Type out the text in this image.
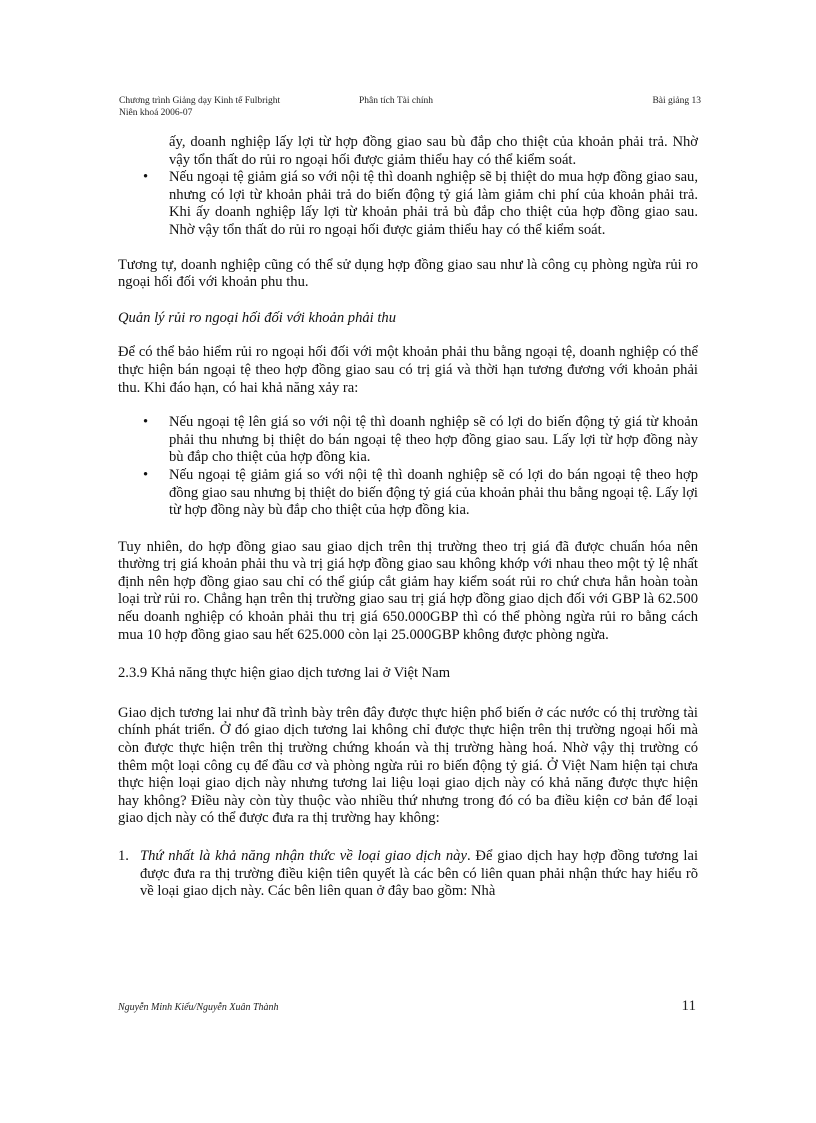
Chương trình Giảng dạy Kinh tế Fulbright
Niên khoá 2006-07
Phân tích Tài chính	Bài giảng 13

ấy, doanh nghiệp lấy lợi từ hợp đồng giao sau bù đắp cho thiệt của khoản phải trả. Nhờ vậy tổn thất do rủi ro ngoại hối được giảm thiểu hay có thể kiểm soát.

• Nếu ngoại tệ giảm giá so với nội tệ thì doanh nghiệp sẽ bị thiệt do mua hợp đồng giao sau, nhưng có lợi từ khoản phải trả do biến động tỷ giá làm giảm chi phí của khoản phải trả. Khi ấy doanh nghiệp lấy lợi từ khoản phải trả bù đắp cho thiệt của hợp đồng giao sau. Nhờ vậy tổn thất do rủi ro ngoại hối được giảm thiểu hay có thể kiểm soát.

Tương tự, doanh nghiệp cũng có thể sử dụng hợp đồng giao sau như là công cụ phòng ngừa rủi ro ngoại hối đối với khoản phu thu.

Quản lý rủi ro ngoại hối đối với khoản phải thu

Để có thể bảo hiểm rủi ro ngoại hối đối với một khoản phải thu bằng ngoại tệ, doanh nghiệp có thể thực hiện bán ngoại tệ theo hợp đồng giao sau có trị giá và thời hạn tương đương với khoản phải thu. Khi đáo hạn, có hai khả năng xảy ra:

• Nếu ngoại tệ lên giá so với nội tệ thì doanh nghiệp sẽ có lợi do biến động tỷ giá từ khoản phải thu nhưng bị thiệt do bán ngoại tệ theo hợp đồng giao sau. Lấy lợi từ hợp đồng này bù đắp cho thiệt của hợp đồng kia.
• Nếu ngoại tệ giảm giá so với nội tệ thì doanh nghiệp sẽ có lợi do bán ngoại tệ theo hợp đồng giao sau nhưng bị thiệt do biến động tỷ giá của khoản phải thu bằng ngoại tệ. Lấy lợi từ hợp đồng này bù đắp cho thiệt của hợp đồng kia.

Tuy nhiên, do hợp đồng giao sau giao dịch trên thị trường theo trị giá đã được chuẩn hóa nên thường trị giá khoản phải thu và trị giá hợp đồng giao sau không khớp với nhau theo một tỷ lệ nhất định nên hợp đồng giao sau chỉ có thể giúp cắt giảm hay kiểm soát rủi ro chứ chưa hẳn hoàn toàn loại trừ rủi ro. Chẳng hạn trên thị trường giao sau trị giá hợp đồng giao dịch đối với GBP là 62.500 nếu doanh nghiệp có khoản phải thu trị giá 650.000GBP thì có thể phòng ngừa rủi ro bằng cách mua 10 hợp đồng giao sau hết 625.000 còn lại 25.000GBP không được phòng ngừa.

2.3.9 Khả năng thực hiện giao dịch tương lai ở Việt Nam

Giao dịch tương lai như đã trình bày trên đây được thực hiện phổ biến ở các nước có thị trường tài chính phát triển. Ở đó giao dịch tương lai không chỉ được thực hiện trên thị trường ngoại hối mà còn được thực hiện trên thị trường chứng khoán và thị trường hàng hoá. Nhờ vậy thị trường có thêm một loại công cụ để đầu cơ và phòng ngừa rủi ro biến động tỷ giá. Ở Việt Nam hiện tại chưa thực hiện loại giao dịch này nhưng tương lai liệu loại giao dịch này có khả năng được thực hiện hay không? Điều này còn tùy thuộc vào nhiều thứ nhưng trong đó có ba điều kiện cơ bản để loại giao dịch này có thể được đưa ra thị trường hay không:

1. Thứ nhất là khả năng nhận thức về loại giao dịch này. Để giao dịch hay hợp đồng tương lai được đưa ra thị trường điều kiện tiên quyết là các bên có liên quan phải nhận thức hay hiểu rõ về loại giao dịch này. Các bên liên quan ở đây bao gồm: Nhà
Nguyễn Minh Kiểu/Nguyễn Xuân Thành	11
